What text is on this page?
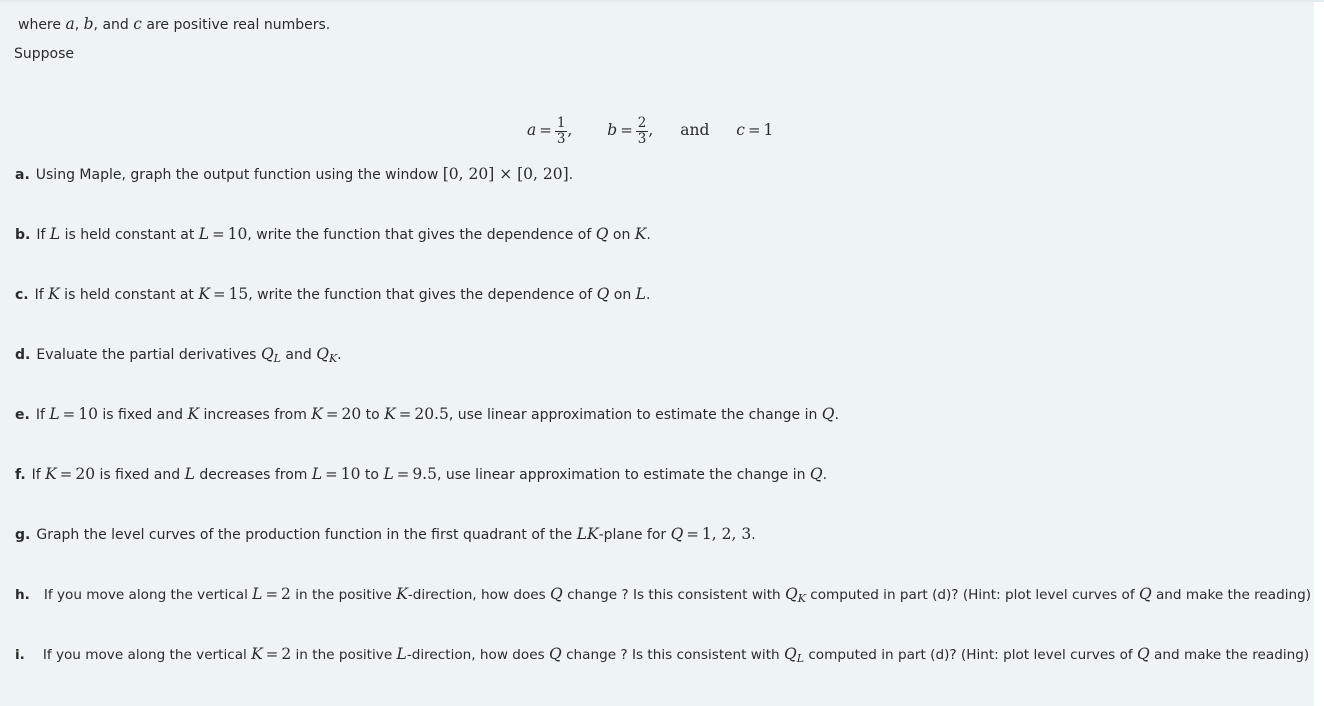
where a, b, and c are positive real numbers.
Suppose
$a = \frac{1}{3}$ , $b = \frac{2}{3}$ , and c = 1
a. Using Maple, graph the output function using the window [0, 20] × [0, 20].
b. If L is held constant at L = 10, write the function that gives the dependence of Q on K.
c. If K is held constant at K = 15, write the function that gives the dependence of Q on L.
d. Evaluate the partial derivatives $Q_L$ and $Q_K$.
e. If L = 10 is fixed and K increases from K = 20 to K = 20.5, use linear approximation to estimate the change in Q.
f. If K = 20 is fixed and L decreases from L = 10 to L = 9.5, use linear approximation to estimate the change in Q.
g. Graph the level curves of the production function in the first quadrant of the LK-plane for Q = 1, 2, 3.
h. If you move along the vertical L = 2 in the positive K-direction, how does Q change ? Is this consistent with $Q_K$ computed in part (d)? (Hint: plot level curves of Q and make the reading)
i. If you move along the vertical K = 2 in the positive L-direction, how does Q change ? Is this consistent with $Q_L$ computed in part (d)? (Hint: plot level curves of Q and make the reading)
